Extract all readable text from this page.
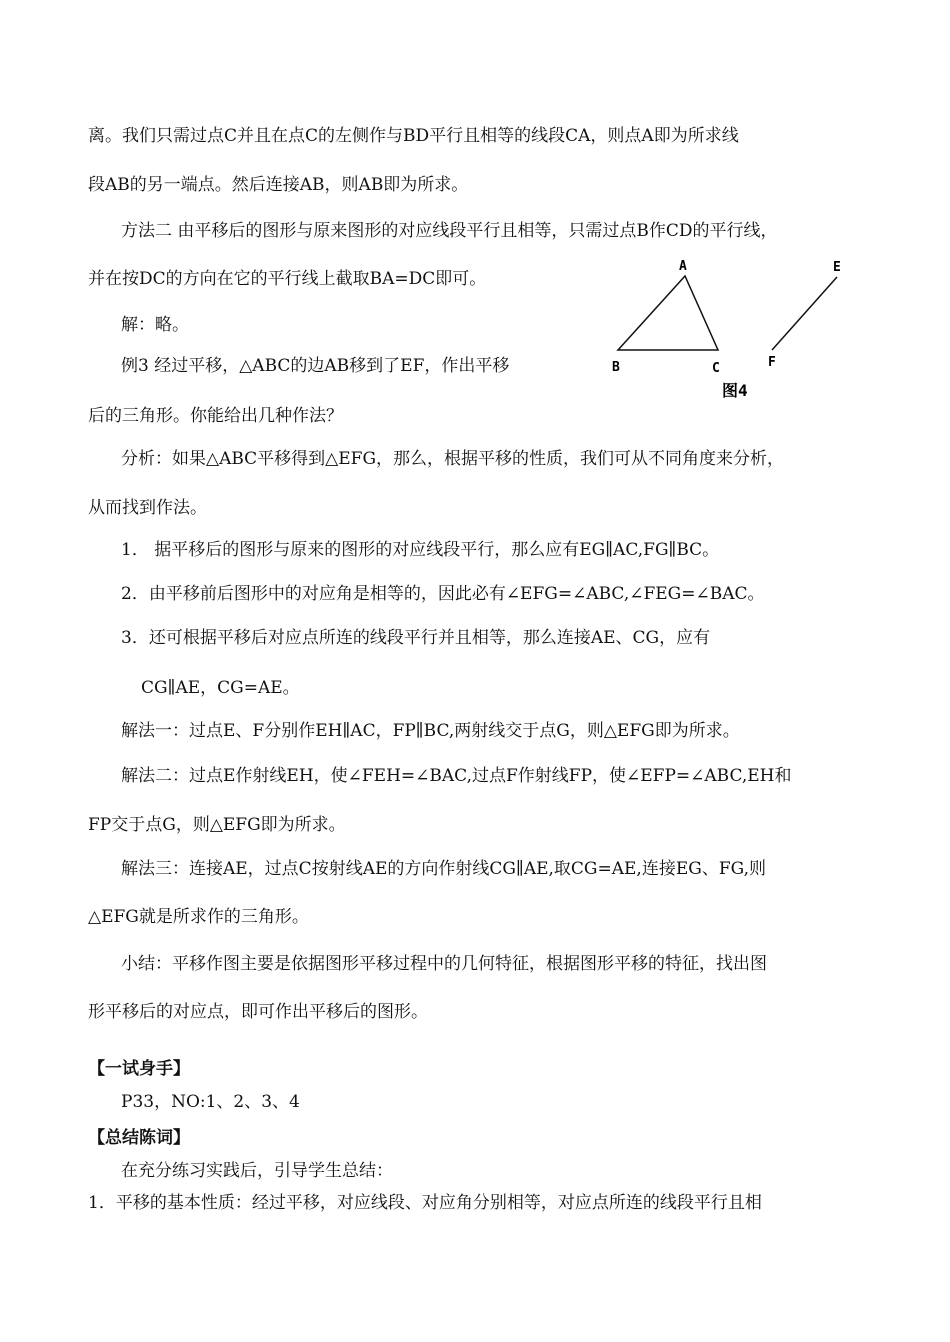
离。我们只需过点C并且在点C的左侧作与BD平行且相等的线段CA，则点A即为所求线
段AB的另一端点。然后连接AB，则AB即为所求。
方法二 由平移后的图形与原来图形的对应线段平行且相等，只需过点B作CD的平行线，
并在按DC的方向在它的平行线上截取BA=DC即可。
解：略。
例3 经过平移，△ABC的边AB移到了EF，作出平移
后的三角形。你能给出几种作法？
分析：如果△ABC平移得到△EFG，那么，根据平移的性质，我们可从不同角度来分析，
从而找到作法。
1． 据平移后的图形与原来的图形的对应线段平行，那么应有EG∥AC,FG∥BC。
2．由平移前后图形中的对应角是相等的，因此必有∠EFG=∠ABC,∠FEG=∠BAC。
3．还可根据平移后对应点所连的线段平行并且相等，那么连接AE、CG，应有
CG∥AE，CG=AE。
解法一：过点E、F分别作EH∥AC，FP∥BC,两射线交于点G，则△EFG即为所求。
解法二：过点E作射线EH，使∠FEH=∠BAC,过点F作射线FP，使∠EFP=∠ABC,EH和
FP交于点G，则△EFG即为所求。
解法三：连接AE，过点C按射线AE的方向作射线CG∥AE,取CG=AE,连接EG、FG,则
△EFG就是所求作的三角形。
小结：平移作图主要是依据图形平移过程中的几何特征，根据图形平移的特征，找出图
形平移后的对应点，即可作出平移后的图形。
【一试身手】
P33，NO:1、2、3、4
【总结陈词】
在充分练习实践后，引导学生总结：
1．平移的基本性质：经过平移，对应线段、对应角分别相等，对应点所连的线段平行且相
A
B	C
E
F
图4
